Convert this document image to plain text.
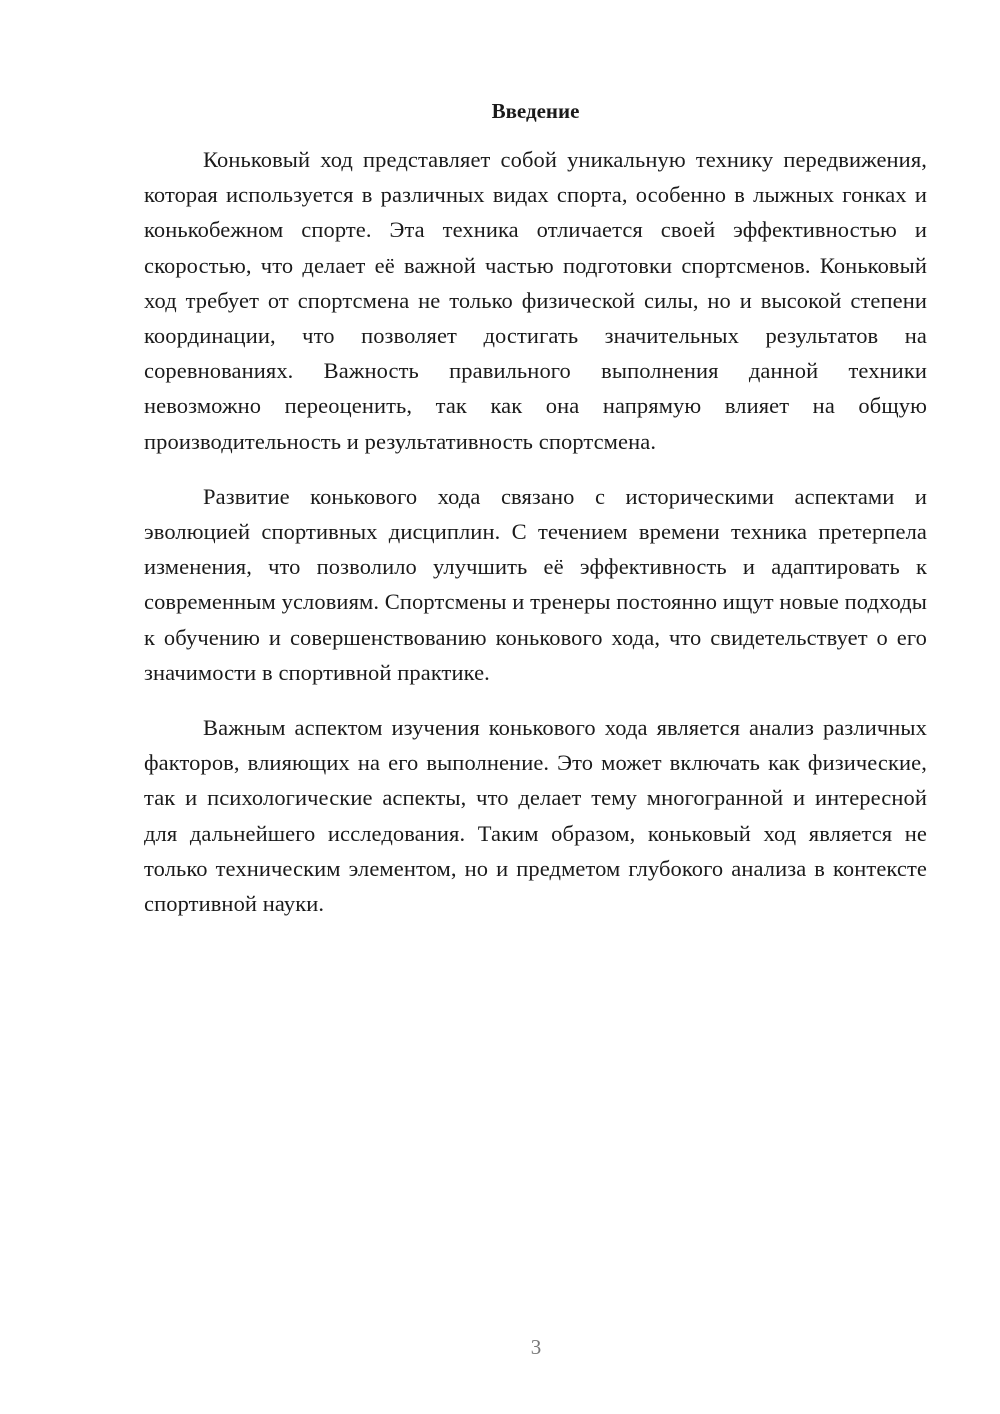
Введение

Коньковый ход представляет собой уникальную технику передвижения, которая используется в различных видах спорта, особенно в лыжных гонках и конькобежном спорте. Эта техника отличается своей эффективностью и скоростью, что делает её важной частью подготовки спортсменов. Коньковый ход требует от спортсмена не только физической силы, но и высокой степени координации, что позволяет достигать значительных результатов на соревнованиях. Важность правильного выполнения данной техники невозможно переоценить, так как она напрямую влияет на общую производительность и результативность спортсмена.

Развитие конькового хода связано с историческими аспектами и эволюцией спортивных дисциплин. С течением времени техника претерпела изменения, что позволило улучшить её эффективность и адаптировать к современным условиям. Спортсмены и тренеры постоянно ищут новые подходы к обучению и совершенствованию конькового хода, что свидетельствует о его значимости в спортивной практике.

Важным аспектом изучения конькового хода является анализ различных факторов, влияющих на его выполнение. Это может включать как физические, так и психологические аспекты, что делает тему многогранной и интересной для дальнейшего исследования. Таким образом, коньковый ход является не только техническим элементом, но и предметом глубокого анализа в контексте спортивной науки.

3
